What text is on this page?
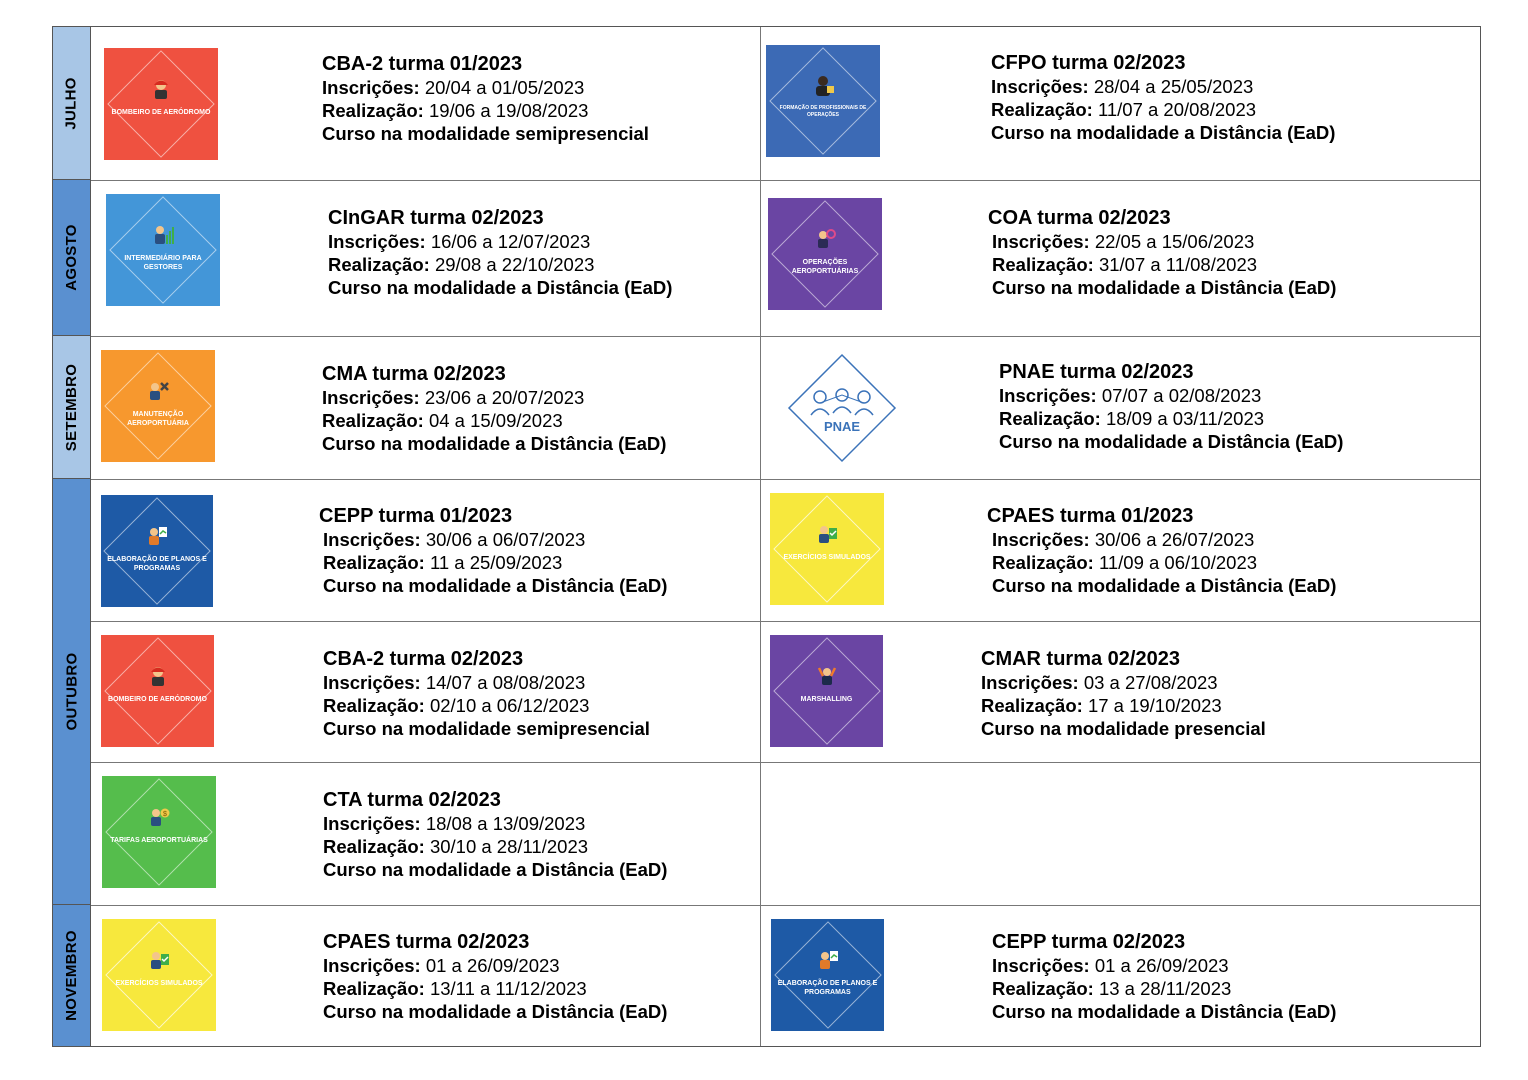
JULHO
AGOSTO
SETEMBRO
OUTUBRO
NOVEMBRO
BOMBEIRO DE AERÓDROMO
CBA-2 turma 01/2023
Inscrições: 20/04 a 01/05/2023
Realização: 19/06 a 19/08/2023
Curso na modalidade semipresencial
FORMAÇÃO DE PROFISSIONAIS DE OPERAÇÕES
CFPO turma 02/2023
Inscrições: 28/04 a 25/05/2023
Realização: 11/07 a 20/08/2023
Curso na modalidade a Distância (EaD)
INTERMEDIÁRIO PARA GESTORES
CInGAR turma 02/2023
Inscrições: 16/06 a 12/07/2023
Realização: 29/08 a 22/10/2023
Curso na modalidade a Distância (EaD)
OPERAÇÕES AEROPORTUÁRIAS
COA turma 02/2023
Inscrições: 22/05 a 15/06/2023
Realização: 31/07 a 11/08/2023
Curso na modalidade a Distância (EaD)
MANUTENÇÃO AEROPORTUÁRIA
CMA turma 02/2023
Inscrições: 23/06 a 20/07/2023
Realização: 04 a 15/09/2023
Curso na modalidade a Distância (EaD)
PNAE
PNAE turma 02/2023
Inscrições: 07/07 a 02/08/2023
Realização: 18/09 a 03/11/2023
Curso na modalidade a Distância (EaD)
ELABORAÇÃO DE PLANOS E PROGRAMAS
CEPP turma 01/2023
Inscrições: 30/06 a 06/07/2023
Realização: 11 a 25/09/2023
Curso na modalidade a Distância (EaD)
EXERCÍCIOS SIMULADOS
CPAES turma 01/2023
Inscrições: 30/06 a 26/07/2023
Realização: 11/09 a 06/10/2023
Curso na modalidade a Distância (EaD)
BOMBEIRO DE AERÓDROMO
CBA-2 turma 02/2023
Inscrições: 14/07 a 08/08/2023
Realização: 02/10 a 06/12/2023
Curso na modalidade semipresencial
MARSHALLING
CMAR turma 02/2023
Inscrições: 03 a 27/08/2023
Realização: 17 a 19/10/2023
Curso na modalidade presencial
$
TARIFAS AEROPORTUÁRIAS
CTA turma 02/2023
Inscrições: 18/08 a 13/09/2023
Realização: 30/10 a 28/11/2023
Curso na modalidade a Distância (EaD)
EXERCÍCIOS SIMULADOS
CPAES turma 02/2023
Inscrições: 01 a 26/09/2023
Realização: 13/11 a 11/12/2023
Curso na modalidade a Distância (EaD)
ELABORAÇÃO DE PLANOS E PROGRAMAS
CEPP turma 02/2023
Inscrições: 01 a 26/09/2023
Realização: 13 a 28/11/2023
Curso na modalidade a Distância (EaD)
